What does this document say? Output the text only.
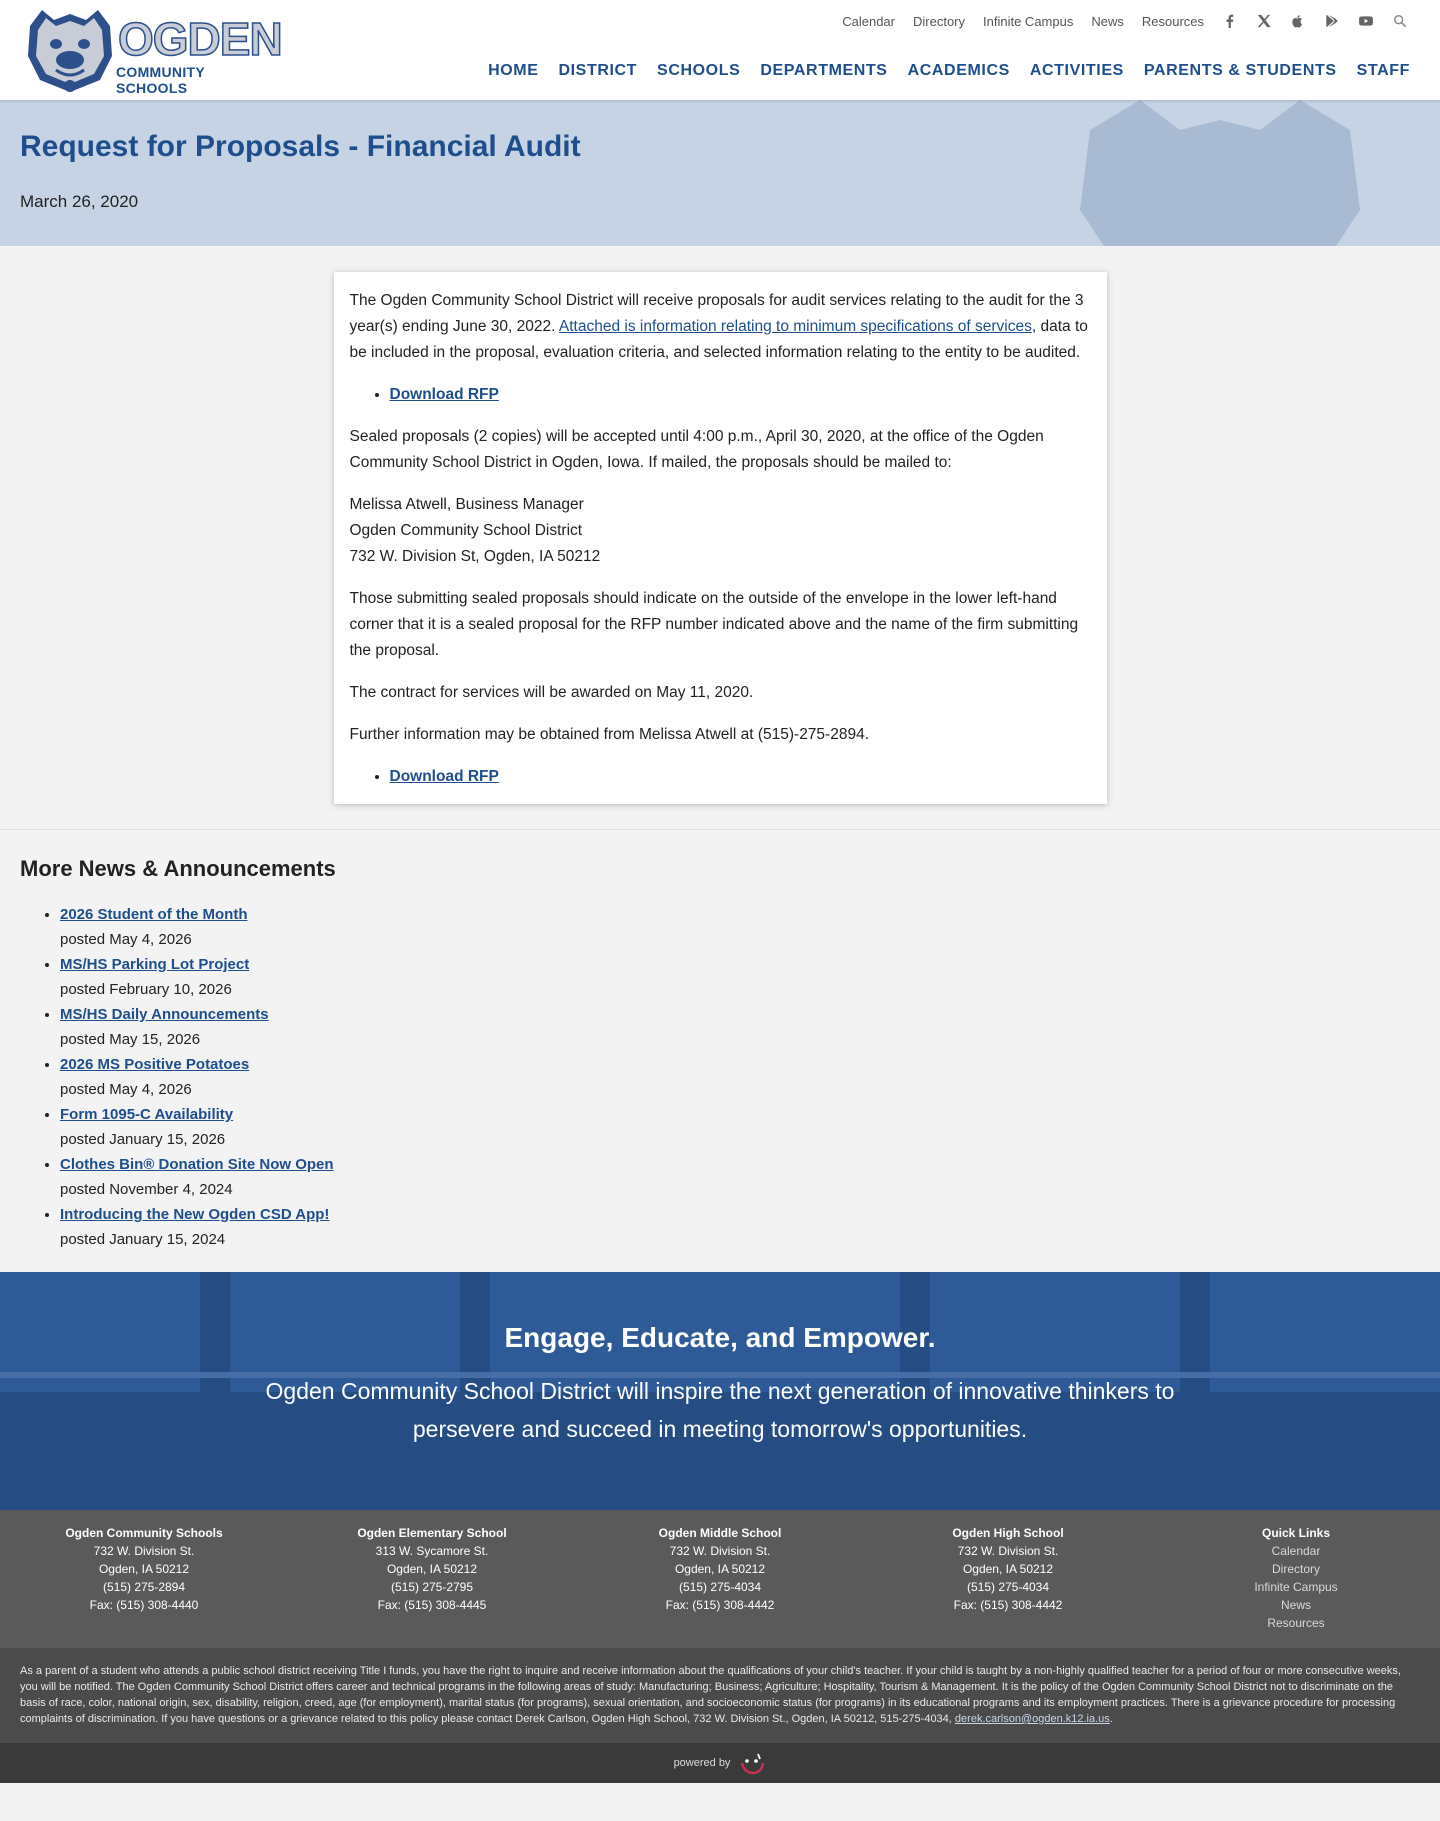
OGDEN
COMMUNITY SCHOOLS
Calendar Directory Infinite Campus News Resources
HOME DISTRICT SCHOOLS DEPARTMENTS ACADEMICS ACTIVITIES PARENTS & STUDENTS STAFF
Request for Proposals - Financial Audit
March 26, 2020

The Ogden Community School District will receive proposals for audit services relating to the audit for the 3 year(s) ending June 30, 2022. Attached is information relating to minimum specifications of services, data to be included in the proposal, evaluation criteria, and selected information relating to the entity to be audited.

• Download RFP

Sealed proposals (2 copies) will be accepted until 4:00 p.m., April 30, 2020, at the office of the Ogden Community School District in Ogden, Iowa. If mailed, the proposals should be mailed to:

Melissa Atwell, Business Manager
Ogden Community School District
732 W. Division St, Ogden, IA 50212

Those submitting sealed proposals should indicate on the outside of the envelope in the lower left-hand corner that it is a sealed proposal for the RFP number indicated above and the name of the firm submitting the proposal.

The contract for services will be awarded on May 11, 2020.

Further information may be obtained from Melissa Atwell at (515)-275-2894.

• Download RFP
More News & Announcements
• 2026 Student of the Month
posted May 4, 2026
• MS/HS Parking Lot Project
posted February 10, 2026
• MS/HS Daily Announcements
posted May 15, 2026
• 2026 MS Positive Potatoes
posted May 4, 2026
• Form 1095-C Availability
posted January 15, 2026
• Clothes Bin® Donation Site Now Open
posted November 4, 2024
• Introducing the New Ogden CSD App!
posted January 15, 2024
Engage, Educate, and Empower.

Ogden Community School District will inspire the next generation of innovative thinkers to persevere and succeed in meeting tomorrow's opportunities.

Ogden Community Schools
732 W. Division St.
Ogden, IA 50212
(515) 275-2894
Fax: (515) 308-4440
Ogden Elementary School
313 W. Sycamore St.
Ogden, IA 50212
(515) 275-2795
Fax: (515) 308-4445
Ogden Middle School
732 W. Division St.
Ogden, IA 50212
(515) 275-4034
Fax: (515) 308-4442
Ogden High School
732 W. Division St.
Ogden, IA 50212
(515) 275-4034
Fax: (515) 308-4442
Quick Links
Calendar
Directory
Infinite Campus
News
Resources
As a parent of a student who attends a public school district receiving Title I funds, you have the right to inquire and receive information about the qualifications of your child's teacher. If your child is taught by a non-highly qualified teacher for a period of four or more consecutive weeks, you will be notified. The Ogden Community School District offers career and technical programs in the following areas of study: Manufacturing; Business; Agriculture; Hospitality, Tourism & Management. It is the policy of the Ogden Community School District not to discriminate on the basis of race, color, national origin, sex, disability, religion, creed, age (for employment), marital status (for programs), sexual orientation, and socioeconomic status (for programs) in its educational programs and its employment practices. There is a grievance procedure for processing complaints of discrimination. If you have questions or a grievance related to this policy please contact Derek Carlson, Ogden High School, 732 W. Division St., Ogden, IA 50212, 515-275-4034, derek.carlson@ogden.k12.ia.us.
powered by
